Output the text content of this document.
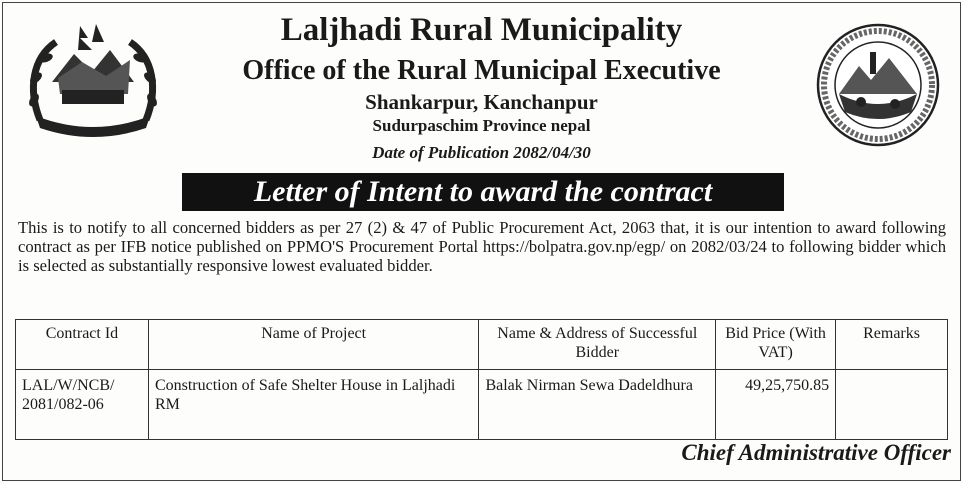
Laljhadi Rural Municipality
Office of the Rural Municipal Executive
Shankarpur, Kanchanpur
Sudurpaschim Province nepal
Date of Publication 2082/04/30
Letter of Intent to award the contract
This is to notify to all concerned bidders as per 27 (2) & 47 of Public Procurement Act, 2063 that, it is our intention to award following contract as per IFB notice published on PPMO'S Procurement Portal https://bolpatra.gov.np/egp/ on 2082/03/24 to following bidder which is selected as substantially responsive lowest evaluated bidder.
Contract Id	Name of Project	Name & Address of Successful Bidder	Bid Price (With VAT)	Remarks
LAL/W/NCB/ 2081/082-06	Construction of Safe Shelter House in Laljhadi RM	Balak Nirman Sewa Dadeldhura	49,25,750.85	
Chief Administrative Officer
